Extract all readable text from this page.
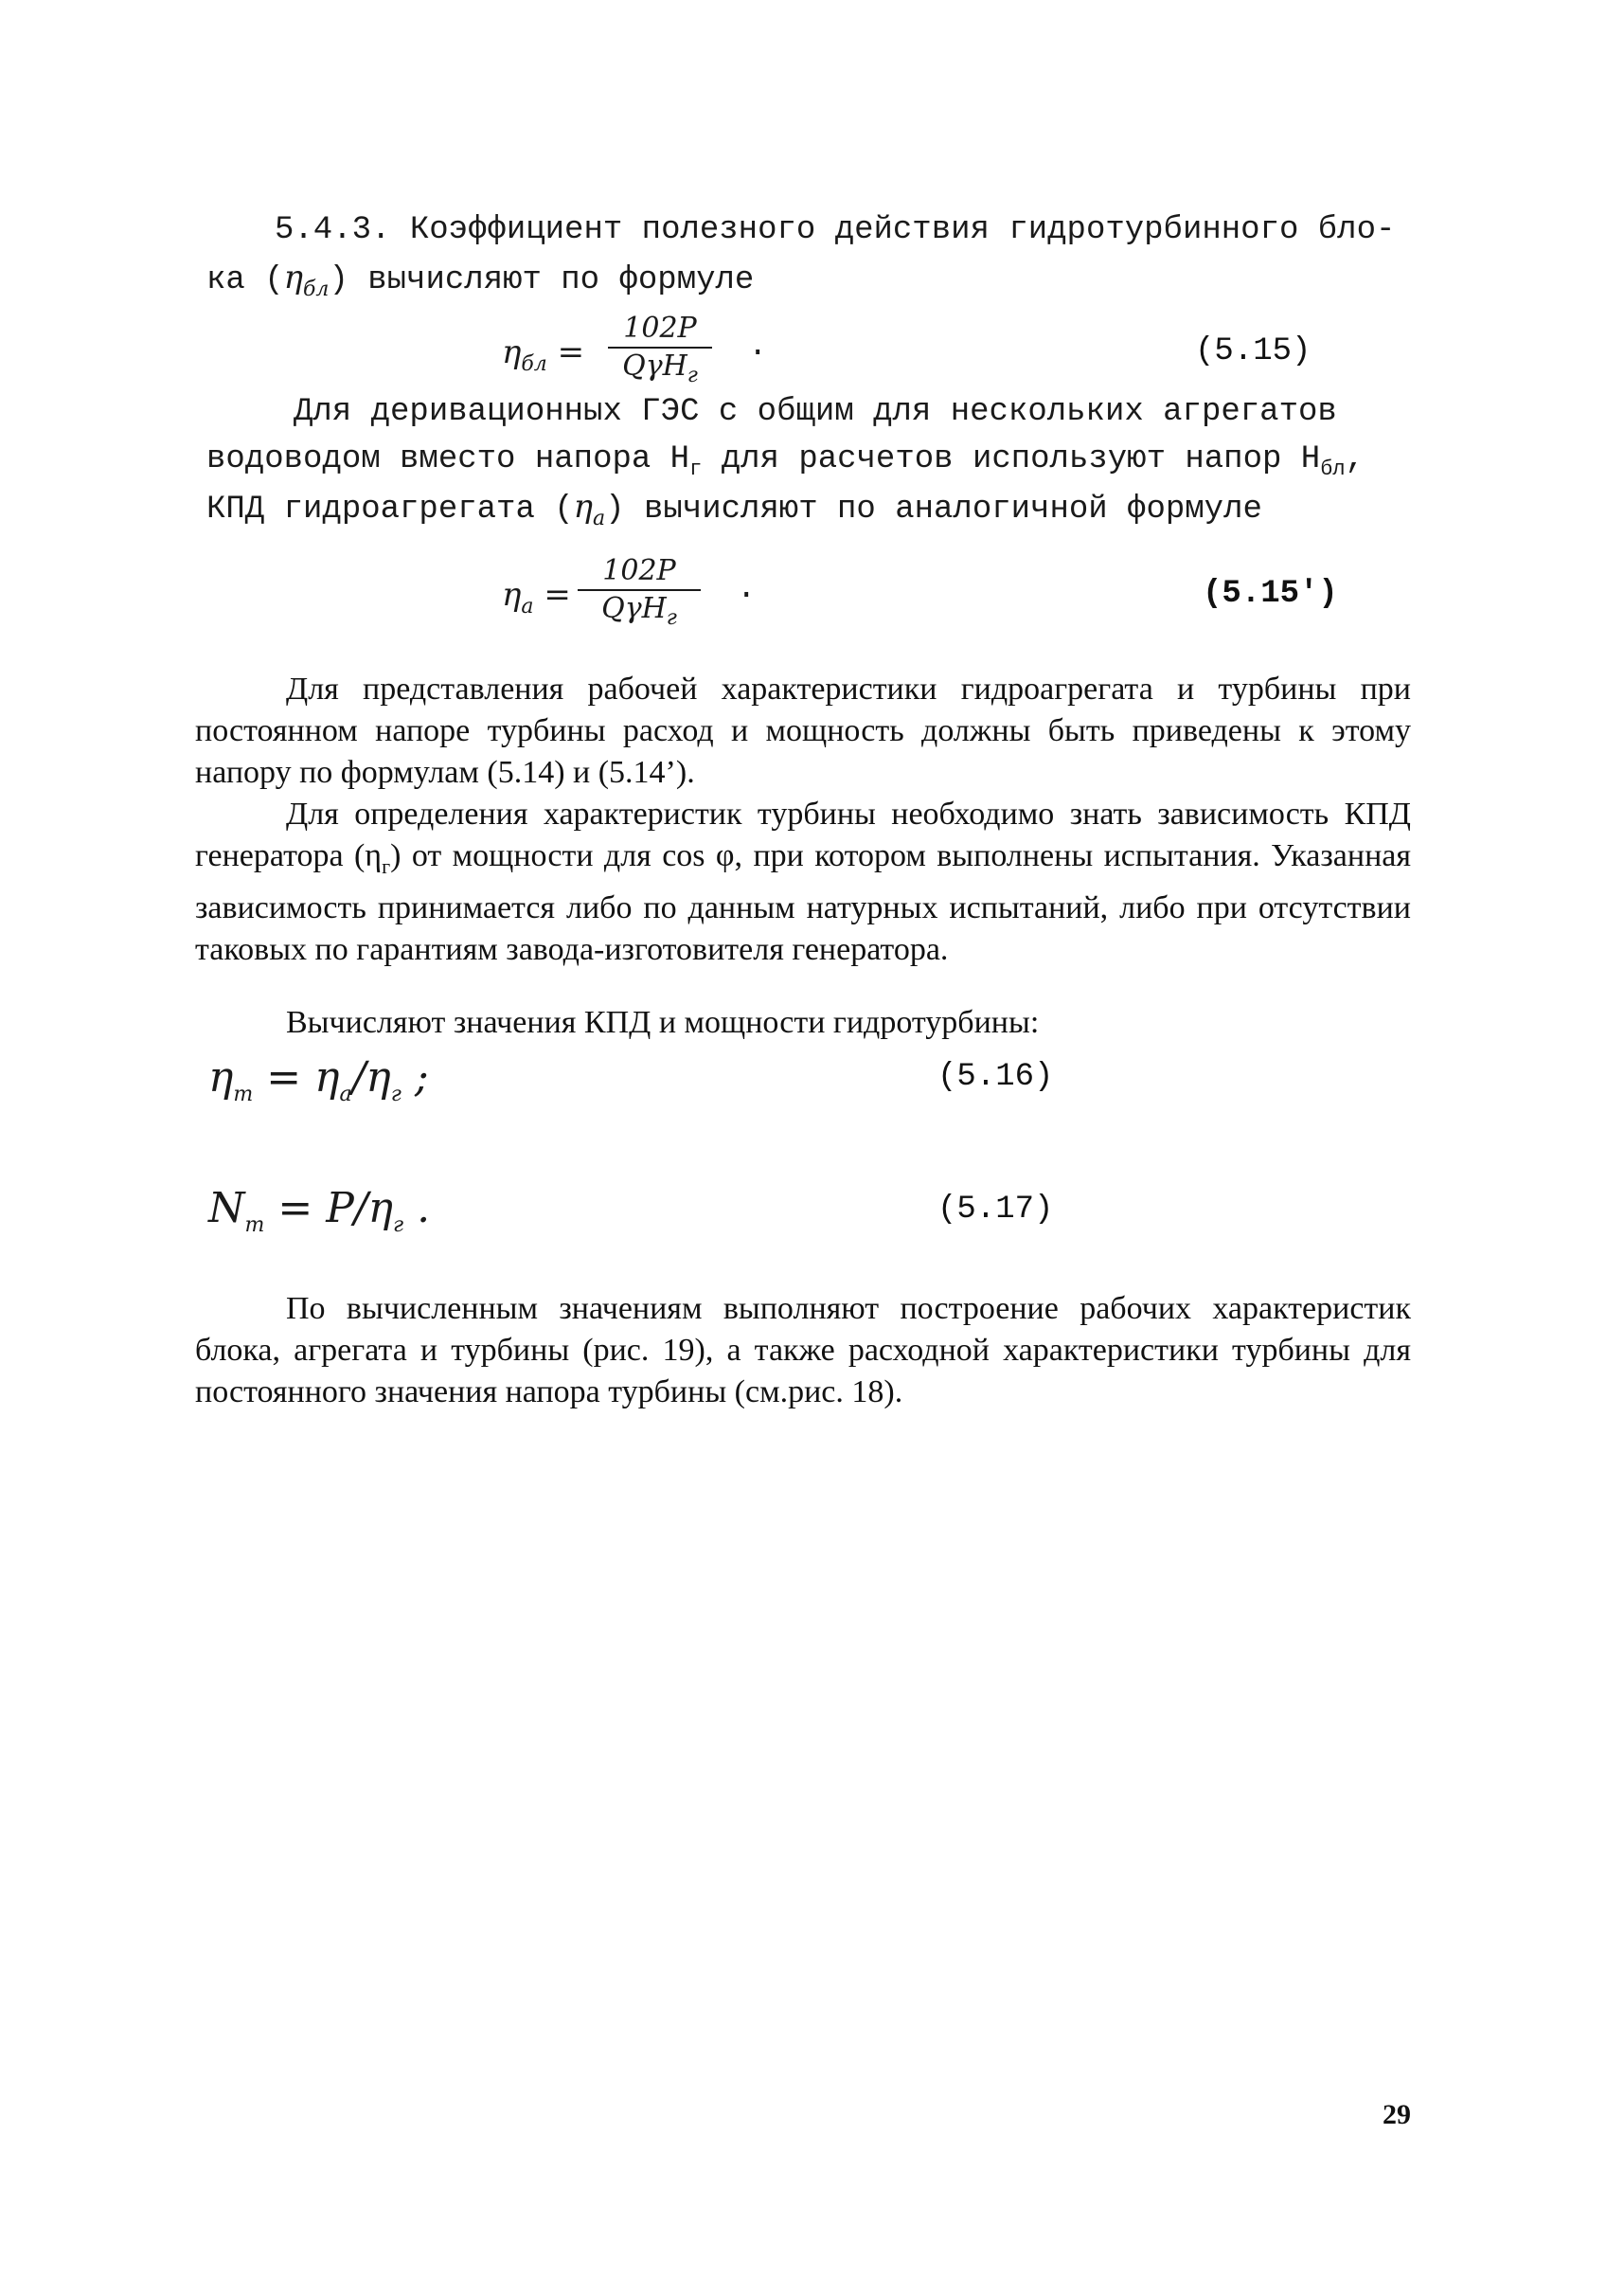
5.4.3. Коэффициент полезного действия гидротурбинного бло-
ка $(\eta_{бл})$ вычисляют по формуле
$\eta_{бл}$ =
102P
QγH$_г$
·	(5.15)
Для деривационных ГЭС с общим для нескольких агрегатов
водоводом вместо напора $H_г$ для расчетов используют напор $H_{бл}$,
КПД гидроагрегата $(\eta_a)$ вычисляют по аналогичной формуле
$\eta_a$ =
102P
QγH$_г$
·	(5.15')
Для представления рабочей характеристики гидроагрегата и турбины при постоянном напоре турбины расход и мощность должны быть приведены к этому напору по формулам (5.14) и (5.14’).
Для определения характеристик турбины необходимо знать зависимость КПД генератора $(\eta_г)$ от мощности для cos φ, при котором выполнены испытания. Указанная зависимость принимается либо по данным натурных испытаний, либо при отсутствии таковых по гарантиям завода-изготовителя генератора.
Вычисляют значения КПД и мощности гидротурбины:
$\eta_т = \eta_a/\eta_г$ ;	(5.16)
$N_т = P/\eta_г$ .	(5.17)
По вычисленным значениям выполняют построение рабочих характеристик блока, агрегата и турбины (рис. 19), а также расходной характеристики турбины для постоянного значения напора турбины (см.рис. 18).
29
